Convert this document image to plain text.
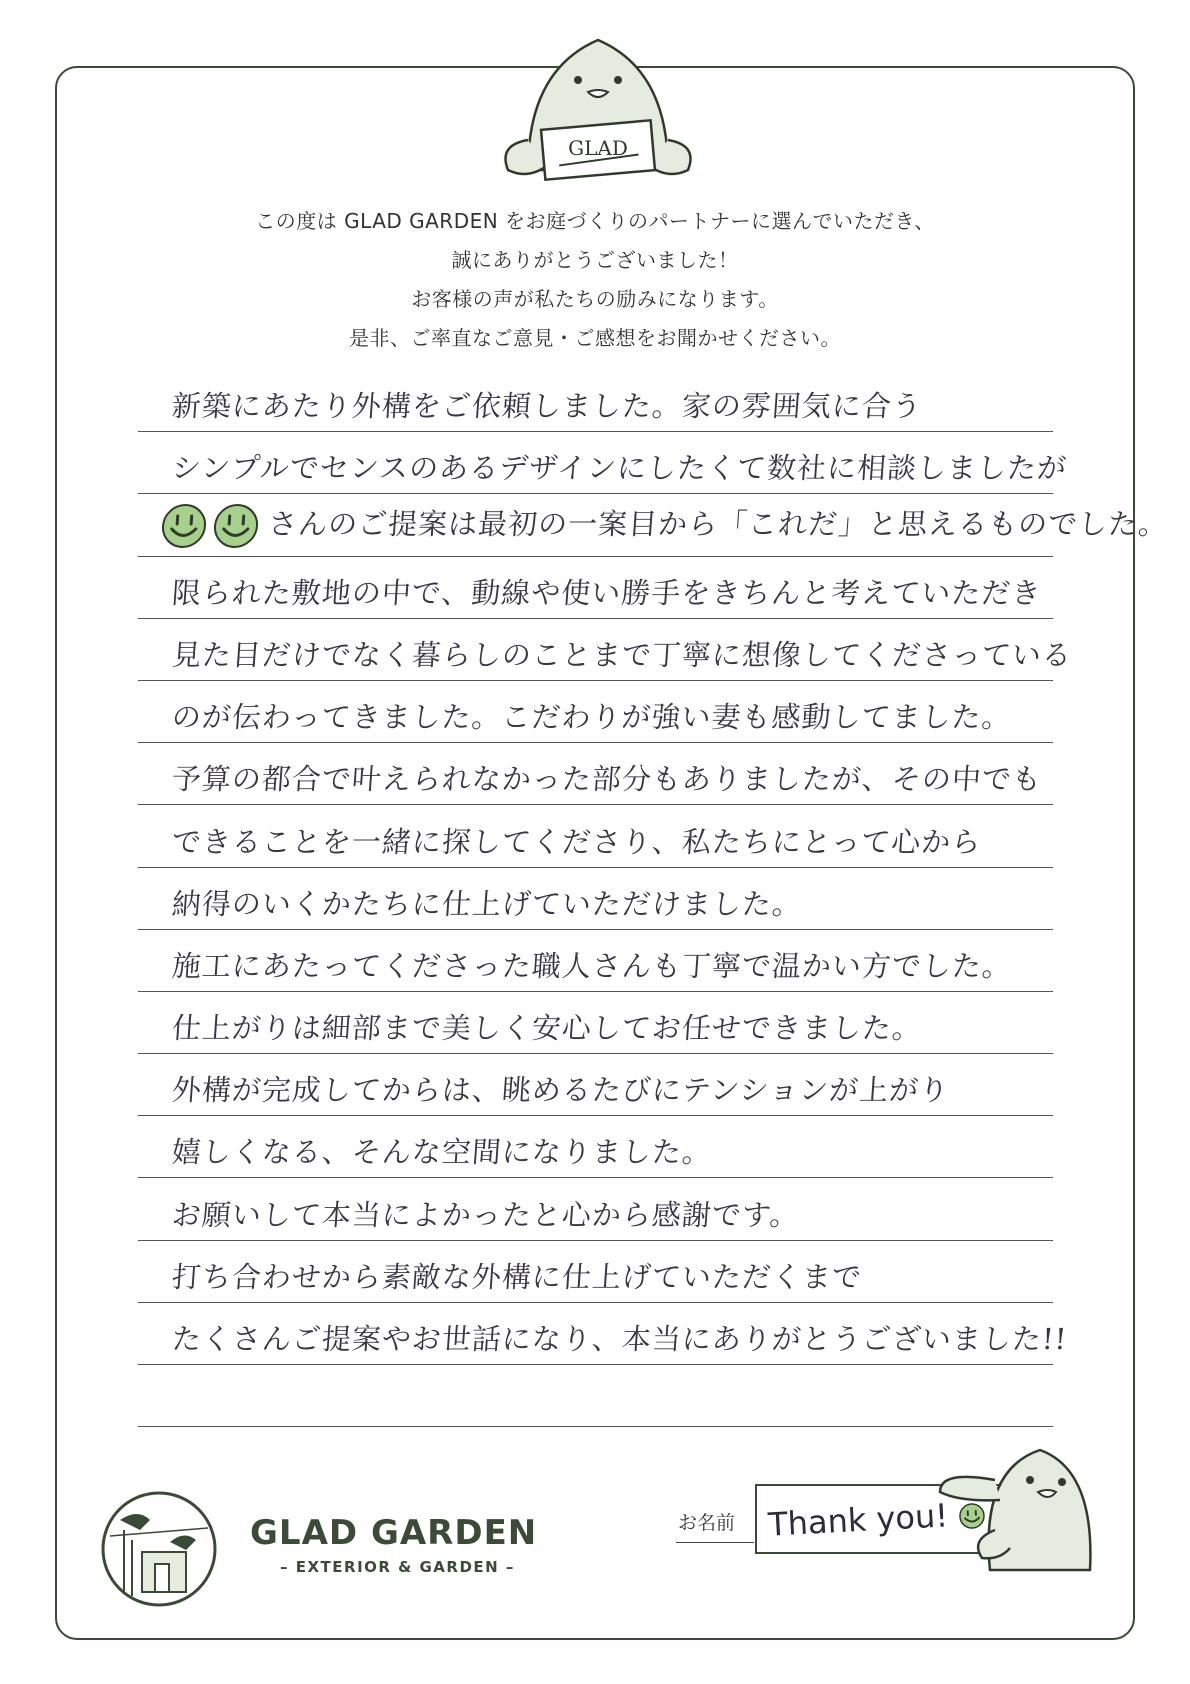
GLAD
この度は GLAD GARDEN をお庭づくりのパートナーに選んでいただき、
誠にありがとうございました！
お客様の声が私たちの励みになります。
是非、ご率直なご意見・ご感想をお聞かせください。
新築にあたり外構をご依頼しました。家の雰囲気に合う
シンプルでセンスのあるデザインにしたくて数社に相談しましたが
さんのご提案は最初の一案目から「これだ」と思えるものでした。
限られた敷地の中で、動線や使い勝手をきちんと考えていただき
見た目だけでなく暮らしのことまで丁寧に想像してくださっている
のが伝わってきました。こだわりが強い妻も感動してました。
予算の都合で叶えられなかった部分もありましたが、その中でも
できることを一緒に探してくださり、私たちにとって心から
納得のいくかたちに仕上げていただけました。
施工にあたってくださった職人さんも丁寧で温かい方でした。
仕上がりは細部まで美しく安心してお任せできました。
外構が完成してからは、眺めるたびにテンションが上がり
嬉しくなる、そんな空間になりました。
お願いして本当によかったと心から感謝です。
打ち合わせから素敵な外構に仕上げていただくまで
たくさんご提案やお世話になり、本当にありがとうございました!!
GLAD GARDEN
– EXTERIOR & GARDEN –
お名前 Thank you!
